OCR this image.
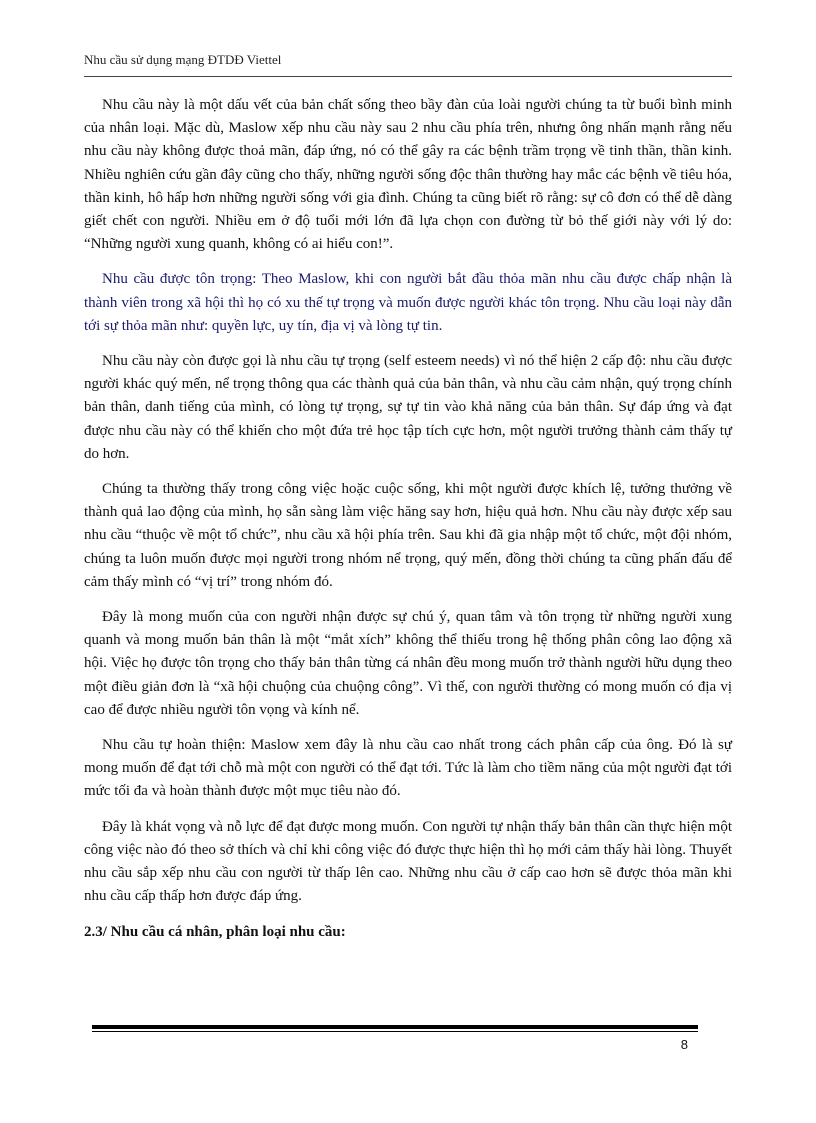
Nhu cầu sử dụng mạng ĐTDĐ Viettel

Nhu cầu này là một dấu vết của bản chất sống theo bầy đàn của loài người chúng ta từ buổi bình minh của nhân loại. Mặc dù, Maslow xếp nhu cầu này sau 2 nhu cầu phía trên, nhưng ông nhấn mạnh rằng nếu nhu cầu này không được thoả mãn, đáp ứng, nó có thể gây ra các bệnh trầm trọng về tinh thần, thần kinh. Nhiều nghiên cứu gần đây cũng cho thấy, những người sống độc thân thường hay mắc các bệnh về tiêu hóa, thần kinh, hô hấp hơn những người sống với gia đình. Chúng ta cũng biết rõ rằng: sự cô đơn có thể dễ dàng giết chết con người. Nhiều em ở độ tuổi mới lớn đã lựa chọn con đường từ bỏ thế giới này với lý do: “Những người xung quanh, không có ai hiểu con!”.

Nhu cầu được tôn trọng: Theo Maslow, khi con người bắt đầu thỏa mãn nhu cầu được chấp nhận là thành viên trong xã hội thì họ có xu thế tự trọng và muốn được người khác tôn trọng. Nhu cầu loại này dẫn tới sự thỏa mãn như: quyền lực, uy tín, địa vị và lòng tự tin.

Nhu cầu này còn được gọi là nhu cầu tự trọng (self esteem needs) vì nó thể hiện 2 cấp độ: nhu cầu được người khác quý mến, nể trọng thông qua các thành quả của bản thân, và nhu cầu cảm nhận, quý trọng chính bản thân, danh tiếng của mình, có lòng tự trọng, sự tự tin vào khả năng của bản thân. Sự đáp ứng và đạt được nhu cầu này có thể khiến cho một đứa trẻ học tập tích cực hơn, một người trưởng thành cảm thấy tự do hơn.

Chúng ta thường thấy trong công việc hoặc cuộc sống, khi một người được khích lệ, tưởng thưởng về thành quả lao động của mình, họ sẵn sàng làm việc hăng say hơn, hiệu quả hơn. Nhu cầu này được xếp sau nhu cầu “thuộc về một tổ chức”, nhu cầu xã hội phía trên. Sau khi đã gia nhập một tổ chức, một đội nhóm, chúng ta luôn muốn được mọi người trong nhóm nể trọng, quý mến, đồng thời chúng ta cũng phấn đấu để cảm thấy mình có “vị trí” trong nhóm đó.

Đây là mong muốn của con người nhận được sự chú ý, quan tâm và tôn trọng từ những người xung quanh và mong muốn bản thân là một “mắt xích” không thể thiếu trong hệ thống phân công lao động xã hội. Việc họ được tôn trọng cho thấy bản thân từng cá nhân đều mong muốn trở thành người hữu dụng theo một điều giản đơn là “xã hội chuộng của chuộng công”. Vì thế, con người thường có mong muốn có địa vị cao để được nhiều người tôn vọng và kính nể.

Nhu cầu tự hoàn thiện: Maslow xem đây là nhu cầu cao nhất trong cách phân cấp của ông. Đó là sự mong muốn để đạt tới chỗ mà một con người có thể đạt tới. Tức là làm cho tiềm năng của một người đạt tới mức tối đa và hoàn thành được một mục tiêu nào đó.

Đây là khát vọng và nỗ lực để đạt được mong muốn. Con người tự nhận thấy bản thân cần thực hiện một công việc nào đó theo sở thích và chỉ khi công việc đó được thực hiện thì họ mới cảm thấy hài lòng. Thuyết nhu cầu sắp xếp nhu cầu con người từ thấp lên cao. Những nhu cầu ở cấp cao hơn sẽ được thỏa mãn khi nhu cầu cấp thấp hơn được đáp ứng.

2.3/ Nhu cầu cá nhân, phân loại nhu cầu:
8
